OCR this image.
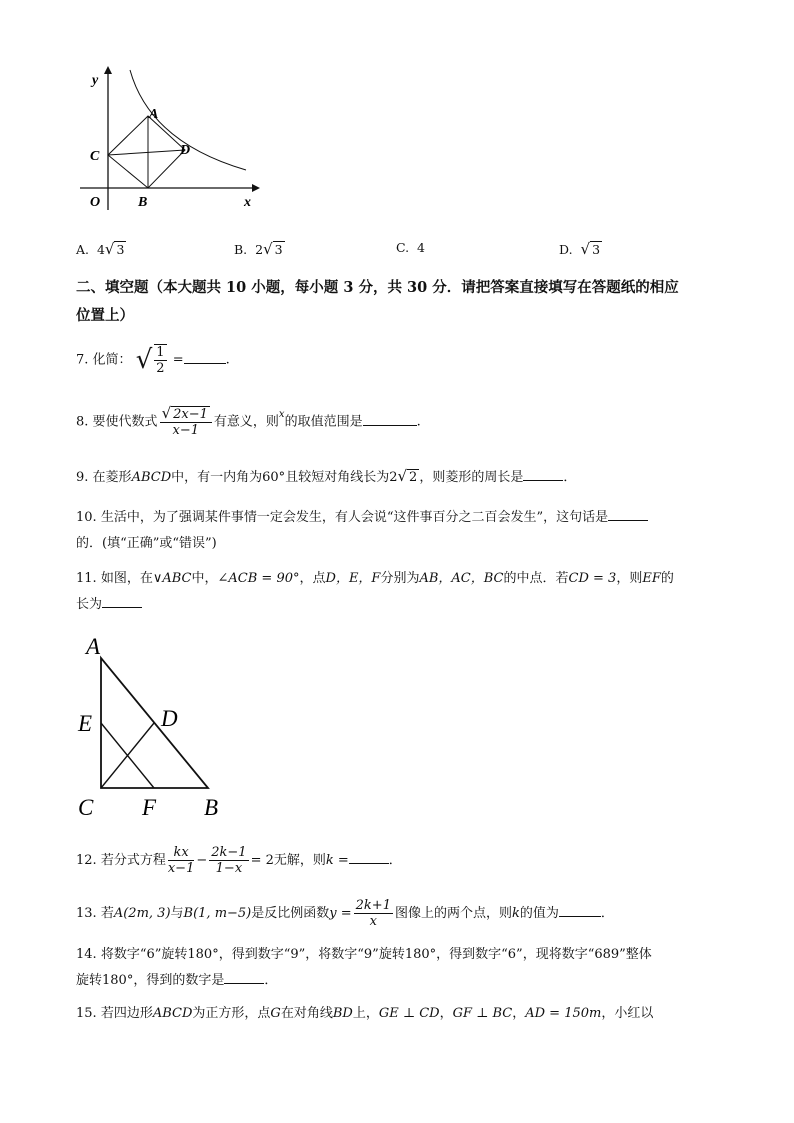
y
x
O
A
B
C	D
A. 4√ 3	B. 2√ 3	C. 4	D. √ 3
二、填空题（本大题共 10 小题，每小题 3 分，共 30 分．请把答案直接填写在答题纸的相应
位置上）
7. 化简： √ $\frac{1}{2}$ =	.
8. 要使代数式 $\frac{√ 2x-1}{x-1}$ 有意义，则$^x$的取值范围是	.
9. 在菱形ABCD中，有一内角为60°且较短对角线长为2√ 2 ，则菱形的周长是	．
10. 生活中，为了强调某件事情一定会发生，有人会说“这件事百分之二百会发生”，这句话是
的．(填“正确”或“错误”)
11. 如图，在∨ABC中，∠ACB = 90°，点D，E，F分别为AB，AC，BC的中点．若CD = 3，则EF的
长为
A
E	D
C F B
12. 若分式方程 $\frac{kx}{x-1} - \frac{2k-1}{1-x} = 2$无解，则k =	．
13. 若A(2m, 3)与B(1, m−5)是反比例函数$y = \frac{2k+1}{x}$ 图像上的两个点，则k的值为	．
14. 将数字“6”旋转180°，得到数字“9”，将数字“9”旋转180°，得到数字“6”，现将数字“689”整体
旋转180°，得到的数字是	．
15. 若四边形ABCD为正方形，点G在对角线BD上，GE ⊥ CD，GF ⊥ BC，AD = 150m，小红以
